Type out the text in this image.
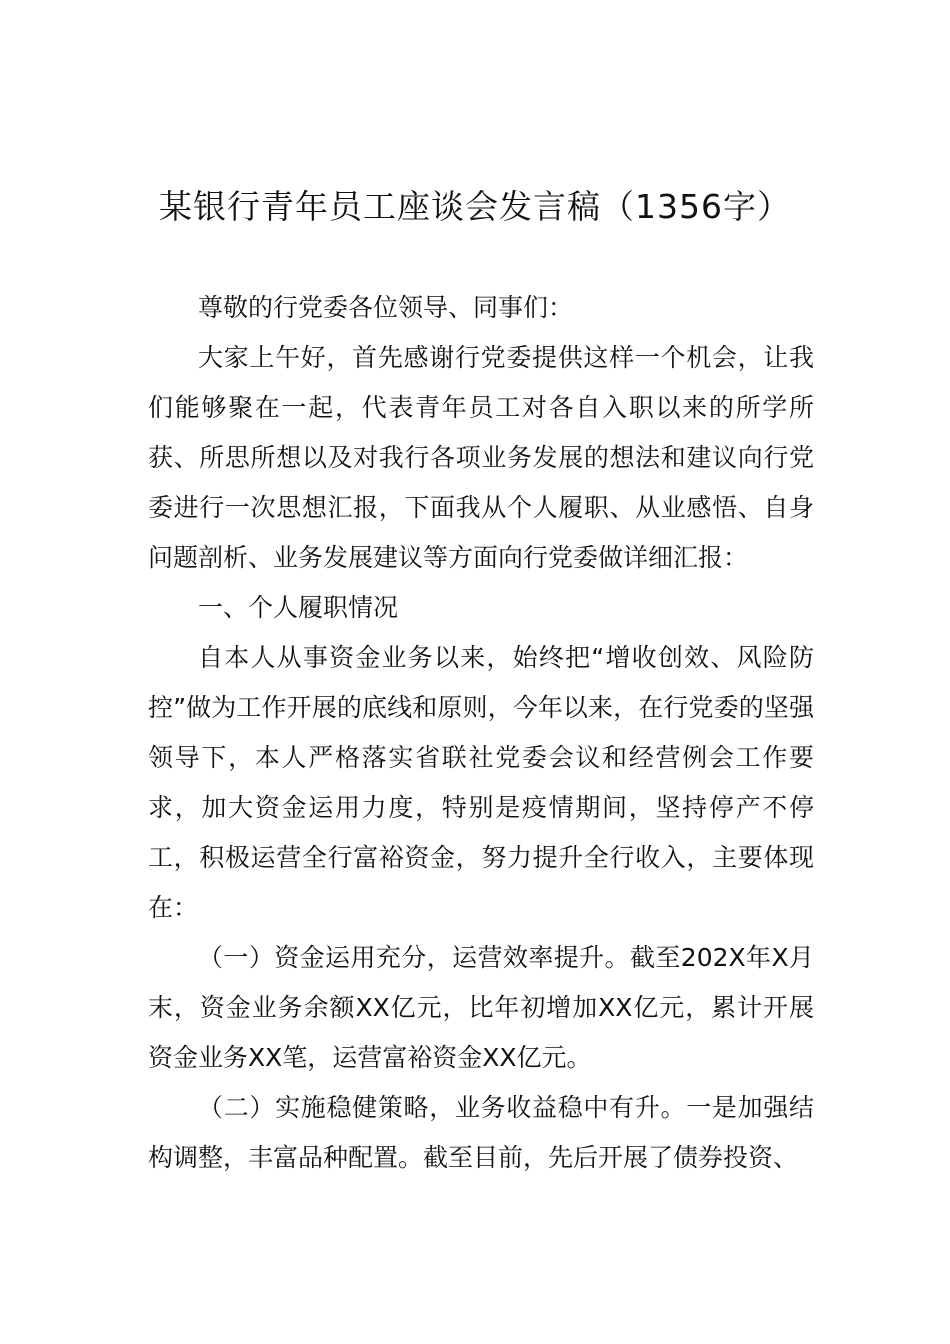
某银行青年员工座谈会发言稿（1356字）

尊敬的行党委各位领导、同事们：

大家上午好，首先感谢行党委提供这样一个机会，让我们能够聚在一起，代表青年员工对各自入职以来的所学所获、所思所想以及对我行各项业务发展的想法和建议向行党委进行一次思想汇报，下面我从个人履职、从业感悟、自身问题剖析、业务发展建议等方面向行党委做详细汇报：

一、个人履职情况

自本人从事资金业务以来，始终把“增收创效、风险防控”做为工作开展的底线和原则，今年以来，在行党委的坚强领导下，本人严格落实省联社党委会议和经营例会工作要求，加大资金运用力度，特别是疫情期间，坚持停产不停工，积极运营全行富裕资金，努力提升全行收入，主要体现在：

（一）资金运用充分，运营效率提升。截至202X年X月末，资金业务余额XX亿元，比年初增加XX亿元，累计开展资金业务XX笔，运营富裕资金XX亿元。

（二）实施稳健策略，业务收益稳中有升。一是加强结构调整，丰富品种配置。截至目前，先后开展了债券投资、
